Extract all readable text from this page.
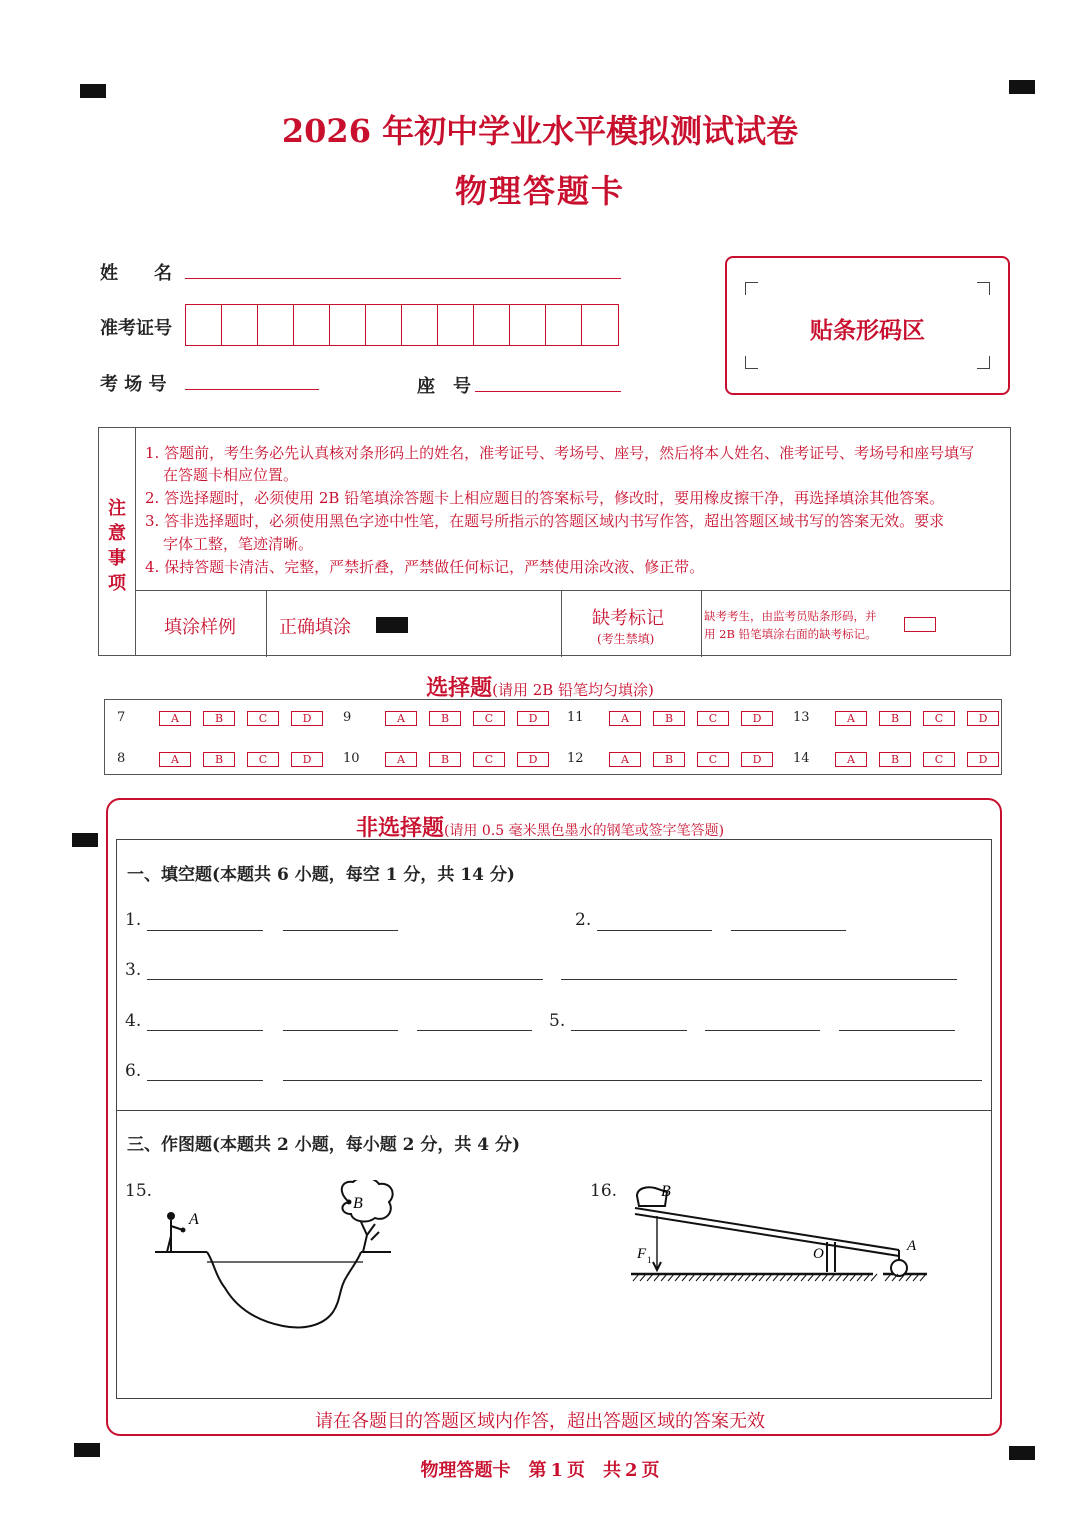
2026 年初中学业水平模拟测试试卷
物理答题卡
姓　　名
准考证号
考 场 号	座　号
贴条形码区
注
意
事
项
1. 答题前，考生务必先认真核对条形码上的姓名，准考证号、考场号、座号，然后将本人姓名、准考证号、考场号和座号填写
在答题卡相应位置。
2. 答选择题时，必须使用 2B 铅笔填涂答题卡上相应题目的答案标号，修改时，要用橡皮擦干净，再选择填涂其他答案。
3. 答非选择题时，必须使用黑色字迹中性笔，在题号所指示的答题区域内书写作答，超出答题区域书写的答案无效。要求
字体工整，笔迹清晰。
4. 保持答题卡清洁、完整，严禁折叠，严禁做任何标记，严禁使用涂改液、修正带。
填涂样例 正确填涂	缺考标记
(考生禁填)
缺考考生，由监考员贴条形码，并
用 2B 铅笔填涂右面的缺考标记。
选择题(请用 2B 铅笔均匀填涂)
7	A	B	C	D	9	A	B	C	D	11	A	B	C	D	13	A	B	C	D
8	A	B	C	D	10	A	B	C	D	12	A	B	C	D	14	A	B	C	D
非选择题(请用 0.5 毫米黑色墨水的钢笔或签字笔答题)
一、填空题(本题共 6 小题，每空 1 分，共 14 分)
1.	2.
3.
4.	5.
6.
三、作图题(本题共 2 小题，每小题 2 分，共 4 分)
15.	16.
A
B
B
O	A
F 1
请在各题目的答题区域内作答，超出答题区域的答案无效
物理答题卡　第 1 页　共 2 页
